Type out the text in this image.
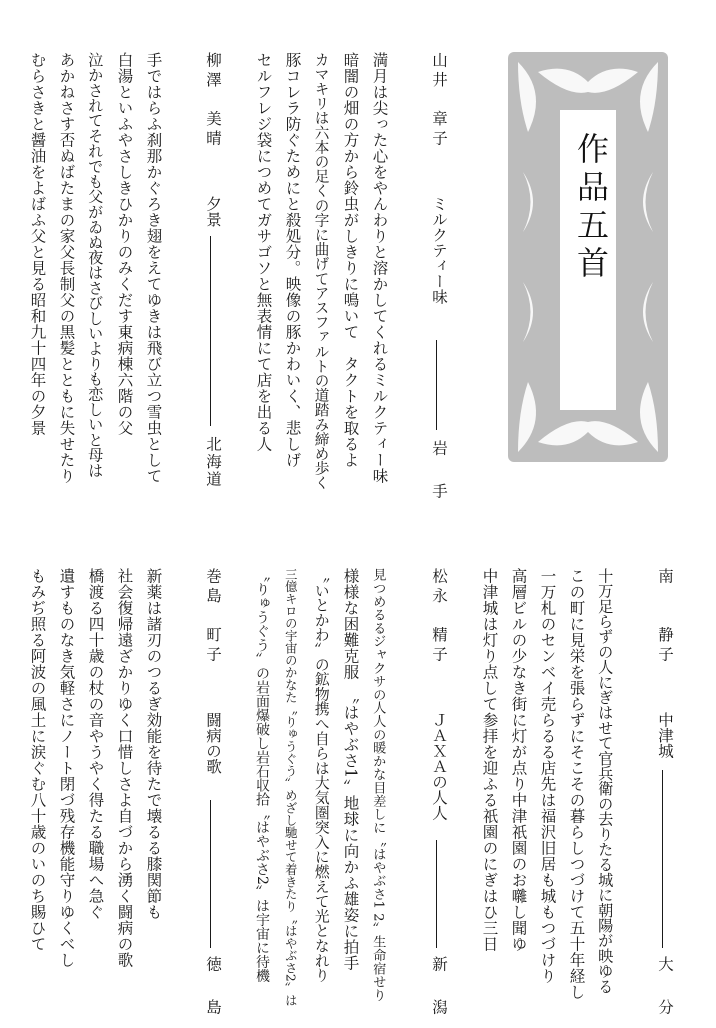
作品五首
山井　章子
ミルクティー味
岩　手
満月は尖った心をやんわりと溶かしてくれるミルクティー味
暗闇の畑の方から鈴虫がしきりに鳴いて　タクトを取るよ
カマキリは六本の足くの字に曲げてアスファルトの道踏み締め歩く
豚コレラ防ぐためにと殺処分。映像の豚かわいく、悲しげ
セルフレジ袋につめてガサゴソと無表情にて店を出る人
柳澤　美晴
夕景
北海道
手ではらふ刹那かぐろき翅をえてゆきは飛び立つ雪虫として
白湯といふやさしきひかりのみくだす東病棟六階の父
泣かされてそれでも父がゐぬ夜はさびしいよりも恋しいと母は
あかねさす否ぬばたまの家父長制父の黒髪とともに失せたり
むらさきと醤油をよばふ父と見る昭和九十四年の夕景
南　　静子
中津城
大　分
十万足らずの人にぎはせて官兵衛の去りたる城に朝陽が映ゆる
この町に見栄を張らずにそこその暮らしつづけて五十年経し
一万札のセンベイ売らるる店先は福沢旧居も城もつづけり
高層ビルの少なき街に灯が点り中津祇園のお囃し聞ゆ
中津城は灯り点して参拝を迎ふる祇園のにぎはひ三日
松永　精子
ＪＡＸＡの人人
新　潟
見つめるるジャクサの人人の暖かな目差しに〝はやぶさ1 2〟生命宿せり
様様な困難克服　〝はやぶさ1〟地球に向かふ雄姿に拍手
〝いとかわ〟の鉱物携へ自らは大気圏突入に燃えて光となれり
三億キロの宇宙のかなた〝りゅうぐう〟めざし馳せて着きたり〝はやぶさ2〟は
〝りゅうぐう〟の岩面爆破し岩石収拾〝はやぶさ2〟は宇宙に待機
巻島　町子
闘病の歌
徳　島
新薬は諸刃のつるぎ効能を待たで壊るる膝関節も
社会復帰遠ざかりゆく口惜しさよ自づから湧く闘病の歌
橋渡る四十歳の杖の音やうやく得たる職場へ急ぐ
遺すものなき気軽さにノート閉づ残存機能守りゆくべし
もみぢ照る阿波の風土に涙ぐむ八十歳のいのち賜ひて
